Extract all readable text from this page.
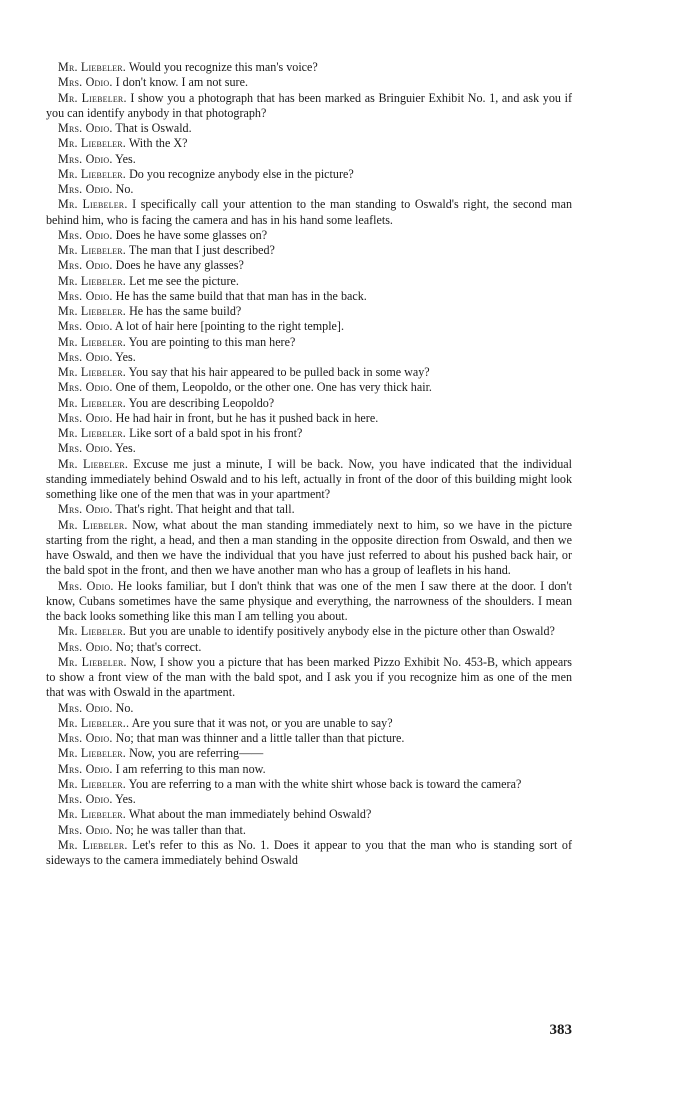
Mr. Liebeler. Would you recognize this man's voice?

Mrs. Odio. I don't know. I am not sure.

Mr. Liebeler. I show you a photograph that has been marked as Bringuier Exhibit No. 1, and ask you if you can identify anybody in that photograph?

Mrs. Odio. That is Oswald.

Mr. Liebeler. With the X?

Mrs. Odio. Yes.

Mr. Liebeler. Do you recognize anybody else in the picture?

Mrs. Odio. No.

Mr. Liebeler. I specifically call your attention to the man standing to Oswald's right, the second man behind him, who is facing the camera and has in his hand some leaflets.

Mrs. Odio. Does he have some glasses on?

Mr. Liebeler. The man that I just described?

Mrs. Odio. Does he have any glasses?

Mr. Liebeler. Let me see the picture.

Mrs. Odio. He has the same build that that man has in the back.

Mr. Liebeler. He has the same build?

Mrs. Odio. A lot of hair here [pointing to the right temple].

Mr. Liebeler. You are pointing to this man here?

Mrs. Odio. Yes.

Mr. Liebeler. You say that his hair appeared to be pulled back in some way?

Mrs. Odio. One of them, Leopoldo, or the other one. One has very thick hair.

Mr. Liebeler. You are describing Leopoldo?

Mrs. Odio. He had hair in front, but he has it pushed back in here.

Mr. Liebeler. Like sort of a bald spot in his front?

Mrs. Odio. Yes.

Mr. Liebeler. Excuse me just a minute, I will be back. Now, you have indicated that the individual standing immediately behind Oswald and to his left, actually in front of the door of this building might look something like one of the men that was in your apartment?

Mrs. Odio. That's right. That height and that tall.

Mr. Liebeler. Now, what about the man standing immediately next to him, so we have in the picture starting from the right, a head, and then a man standing in the opposite direction from Oswald, and then we have Oswald, and then we have the individual that you have just referred to about his pushed back hair, or the bald spot in the front, and then we have another man who has a group of leaflets in his hand.

Mrs. Odio. He looks familiar, but I don't think that was one of the men I saw there at the door. I don't know, Cubans sometimes have the same physique and everything, the narrowness of the shoulders. I mean the back looks something like this man I am telling you about.

Mr. Liebeler. But you are unable to identify positively anybody else in the picture other than Oswald?

Mrs. Odio. No; that's correct.

Mr. Liebeler. Now, I show you a picture that has been marked Pizzo Exhibit No. 453-B, which appears to show a front view of the man with the bald spot, and I ask you if you recognize him as one of the men that was with Oswald in the apartment.

Mrs. Odio. No.

Mr. Liebeler.. Are you sure that it was not, or you are unable to say?

Mrs. Odio. No; that man was thinner and a little taller than that picture.

Mr. Liebeler. Now, you are referring——

Mrs. Odio. I am referring to this man now.

Mr. Liebeler. You are referring to a man with the white shirt whose back is toward the camera?

Mrs. Odio. Yes.

Mr. Liebeler. What about the man immediately behind Oswald?

Mrs. Odio. No; he was taller than that.

Mr. Liebeler. Let's refer to this as No. 1. Does it appear to you that the man who is standing sort of sideways to the camera immediately behind Oswald

383
